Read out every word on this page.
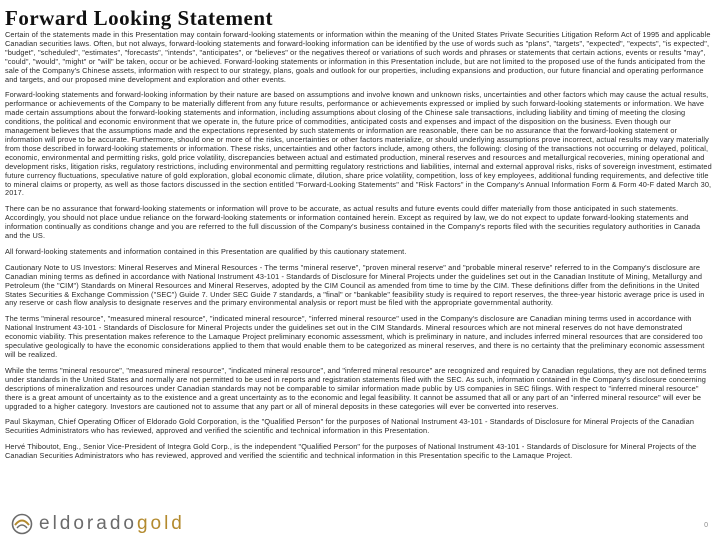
Forward Looking Statement

Certain of the statements made in this Presentation may contain forward-looking statements or information within the meaning of the United States Private Securities Litigation Reform Act of 1995 and applicable Canadian securities laws. Often, but not always, forward-looking statements and forward-looking information can be identified by the use of words such as "plans", "targets", "expected", "expects", "is expected", "budget", "scheduled", "estimates", "forecasts", "intends", "anticipates", or "believes" or the negatives thereof or variations of such words and phrases or statements that certain actions, events or results "may", "could", "would", "might" or "will" be taken, occur or be achieved. Forward-looking statements or information in this Presentation include, but are not limited to the proposed use of the funds anticipated from the sale of the Company's Chinese assets, information with respect to our strategy, plans, goals and outlook for our properties, including expansions and production, our future financial and operating performance and targets, and our proposed mine development and exploration and other events.

Forward-looking statements and forward-looking information by their nature are based on assumptions and involve known and unknown risks, uncertainties and other factors which may cause the actual results, performance or achievements of the Company to be materially different from any future results, performance or achievements expressed or implied by such forward-looking statements or information. We have made certain assumptions about the forward-looking statements and information, including assumptions about closing of the Chinese sale transactions, including liability and timing of meeting the closing conditions, the political and economic environment that we operate in, the future price of commodities, anticipated costs and expenses and impact of the disposition on the business. Even though our management believes that the assumptions made and the expectations represented by such statements or information are reasonable, there can be no assurance that the forward-looking statement or information will prove to be accurate. Furthermore, should one or more of the risks, uncertainties or other factors materialize, or should underlying assumptions prove incorrect, actual results may vary materially from those described in forward-looking statements or information. These risks, uncertainties and other factors include, among others, the following: closing of the transactions not occurring or delayed, political, economic, environmental and permitting risks, gold price volatility, discrepancies between actual and estimated production, mineral reserves and resources and metallurgical recoveries, mining operational and development risks, litigation risks, regulatory restrictions, including environmental and permitting regulatory restrictions and liabilities, internal and external approval risks, risks of sovereign investment, estimated future currency fluctuations, speculative nature of gold exploration, global economic climate, dilution, share price volatility, competition, loss of key employees, additional funding requirements, and defective title to mineral claims or property, as well as those factors discussed in the section entitled "Forward-Looking Statements" and "Risk Factors" in the Company's Annual Information Form & Form 40-F dated March 30, 2017.

There can be no assurance that forward-looking statements or information will prove to be accurate, as actual results and future events could differ materially from those anticipated in such statements. Accordingly, you should not place undue reliance on the forward-looking statements or information contained herein. Except as required by law, we do not expect to update forward-looking statements and information continually as conditions change and you are referred to the full discussion of the Company's business contained in the Company's reports filed with the securities regulatory authorities in Canada and the US.

All forward-looking statements and information contained in this Presentation are qualified by this cautionary statement.

Cautionary Note to US Investors: Mineral Reserves and Mineral Resources - The terms "mineral reserve", "proven mineral reserve" and "probable mineral reserve" referred to in the Company's disclosure are Canadian mining terms as defined in accordance with National Instrument 43-101 - Standards of Disclosure for Mineral Projects under the guidelines set out in the Canadian Institute of Mining, Metallurgy and Petroleum (the "CIM") Standards on Mineral Resources and Mineral Reserves, adopted by the CIM Council as amended from time to time by the CIM. These definitions differ from the definitions in the United States Securities & Exchange Commission ("SEC") Guide 7. Under SEC Guide 7 standards, a "final" or "bankable" feasibility study is required to report reserves, the three-year historic average price is used in any reserve or cash flow analysis to designate reserves and the primary environmental analysis or report must be filed with the appropriate governmental authority.

The terms "mineral resource", "measured mineral resource", "indicated mineral resource", "inferred mineral resource" used in the Company's disclosure are Canadian mining terms used in accordance with National Instrument 43-101 - Standards of Disclosure for Mineral Projects under the guidelines set out in the CIM Standards. Mineral resources which are not mineral reserves do not have demonstrated economic viability. This presentation makes reference to the Lamaque Project preliminary economic assessment, which is preliminary in nature, and includes inferred mineral resources that are considered too speculative geologically to have the economic considerations applied to them that would enable them to be categorized as mineral reserves, and there is no certainty that the preliminary economic assessment will be realized.

While the terms "mineral resource", "measured mineral resource", "indicated mineral resource", and "inferred mineral resource" are recognized and required by Canadian regulations, they are not defined terms under standards in the United States and normally are not permitted to be used in reports and registration statements filed with the SEC. As such, information contained in the Company's disclosure concerning descriptions of mineralization and resources under Canadian standards may not be comparable to similar information made public by US companies in SEC filings. With respect to "inferred mineral resource" there is a great amount of uncertainty as to the existence and a great uncertainty as to the economic and legal feasibility. It cannot be assumed that all or any part of an "inferred mineral resource" will ever be upgraded to a higher category. Investors are cautioned not to assume that any part or all of mineral deposits in these categories will ever be converted into reserves.

Paul Skayman, Chief Operating Officer of Eldorado Gold Corporation, is the "Qualified Person" for the purposes of National Instrument 43-101 - Standards of Disclosure for Mineral Projects of the Canadian Securities Administrators who has reviewed, approved and verified the scientific and technical information in this Presentation.

Hervé Thiboutot, Eng., Senior Vice-President of Integra Gold Corp., is the independent "Qualified Person" for the purposes of National Instrument 43-101 - Standards of Disclosure for Mineral Projects of the Canadian Securities Administrators who has reviewed, approved and verified the scientific and technical information in this Presentation specific to the Lamaque Project.

eldoradogold	0
